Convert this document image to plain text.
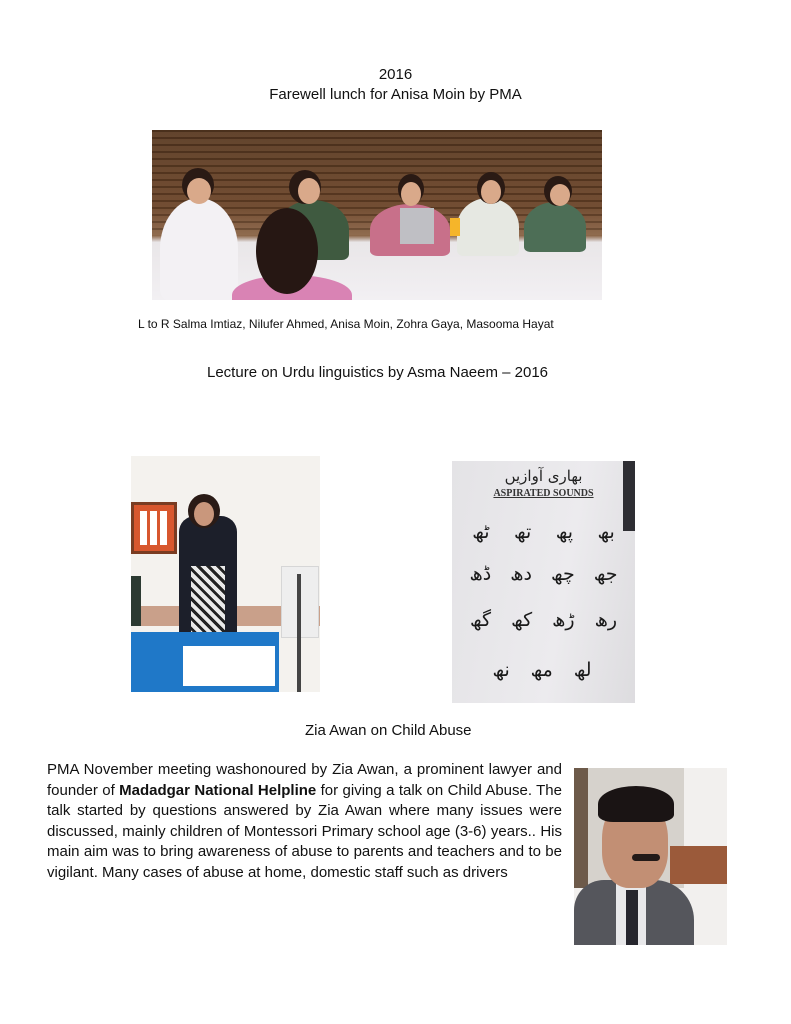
2016
Farewell lunch for Anisa Moin by PMA
L to R Salma Imtiaz, Nilufer Ahmed, Anisa Moin, Zohra Gaya, Masooma Hayat
Lecture on Urdu linguistics by Asma Naeem – 2016
بھاری آوازیں
ASPIRATED SOUNDS
بھ
پھ
تھ
ٹھ
جھ
چھ
دھ
ڈھ
رھ
ڑھ
کھ
گھ
لھ
مھ
نھ
Zia Awan on Child Abuse
PMA November meeting washonoured by Zia Awan, a prominent lawyer and founder of Madadgar National Helpline for giving a talk on Child Abuse. The talk started by questions answered by Zia Awan where many issues were discussed, mainly children of Montessori Primary school age (3-6) years.. His main aim was to bring awareness of abuse to parents and teachers and to be vigilant. Many cases of abuse at home, domestic staff such as drivers
